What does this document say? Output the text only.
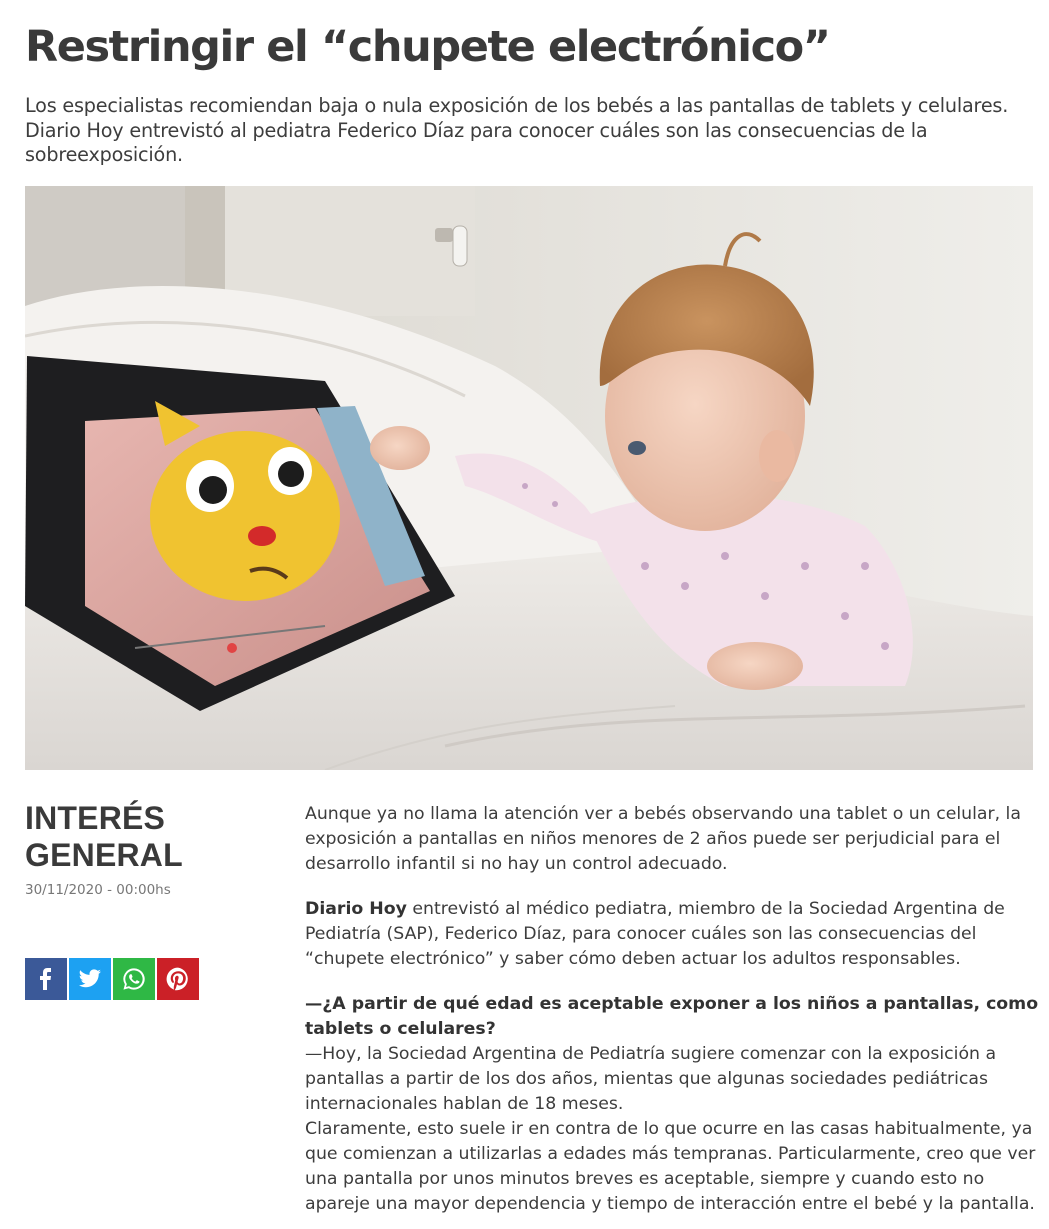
Restringir el “chupete electrónico”

Los especialistas recomiendan baja o nula exposición de los bebés a las pantallas de tablets y celulares. Diario Hoy entrevistó al pediatra Federico Díaz para conocer cuáles son las consecuencias de la sobreexposición.

INTERÉS GENERAL
30/11/2020 - 00:00hs

Aunque ya no llama la atención ver a bebés observando una tablet o un celular, la exposición a pantallas en niños menores de 2 años puede ser perjudicial para el desarrollo infantil si no hay un control adecuado.

Diario Hoy entrevistó al médico pediatra, miembro de la Sociedad Argentina de Pediatría (SAP), Federico Díaz, para conocer cuáles son las consecuencias del “chupete electrónico” y saber cómo deben actuar los adultos responsables.

—¿A partir de qué edad es aceptable exponer a los niños a pantallas, como tablets o celulares?

—Hoy, la Sociedad Argentina de Pediatría sugiere comenzar con la exposición a pantallas a partir de los dos años, mientas que algunas sociedades pediátricas internacionales hablan de 18 meses.

Claramente, esto suele ir en contra de lo que ocurre en las casas habitualmente, ya que comienzan a utilizarlas a edades más tempranas. Particularmente, creo que ver una pantalla por unos minutos breves es aceptable, siempre y cuando esto no apareje una mayor dependencia y tiempo de interacción entre el bebé y la pantalla.
